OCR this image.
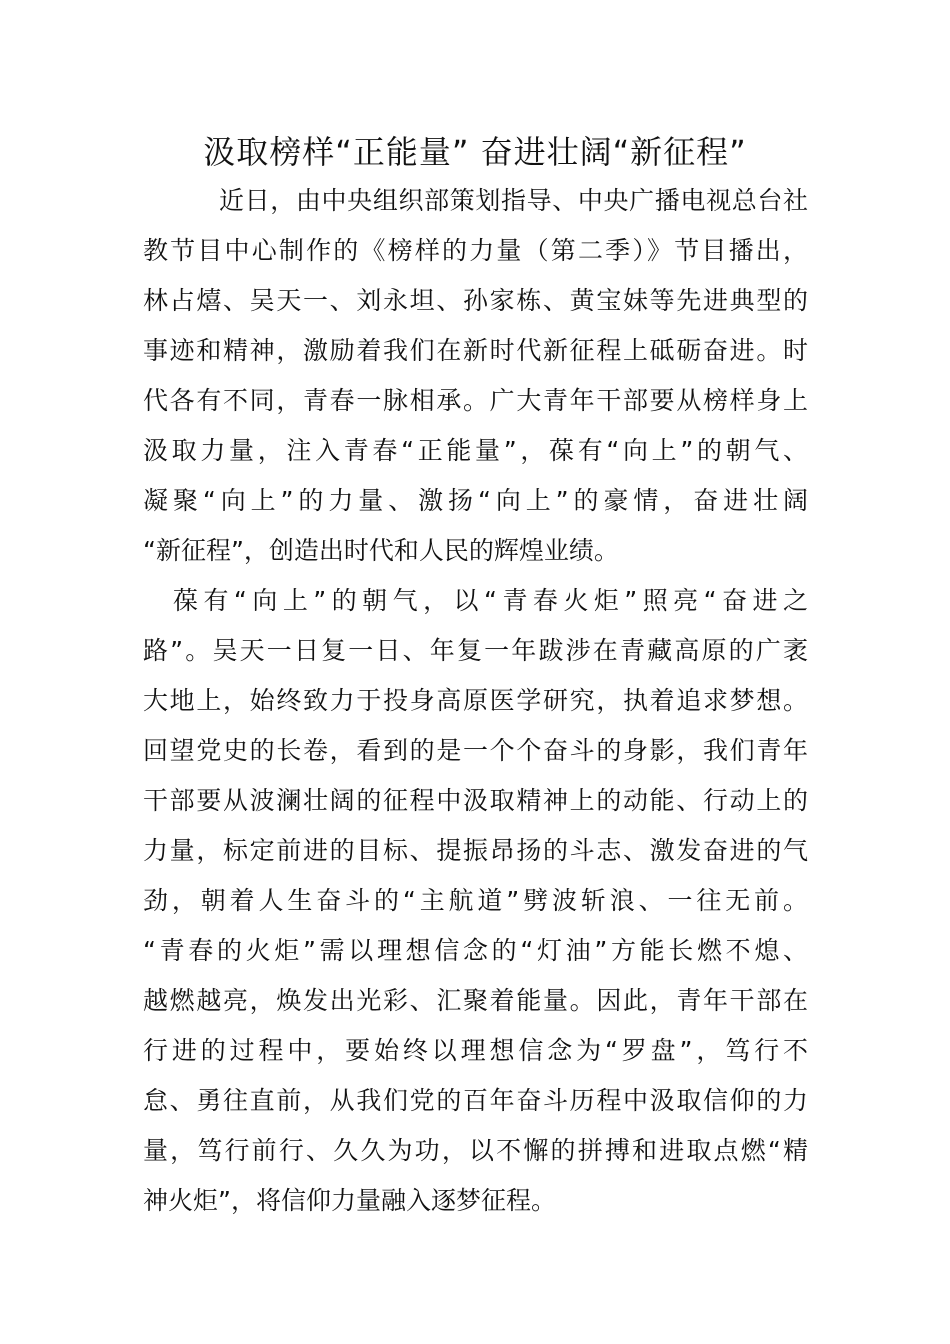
汲取榜样“正能量” 奋进壮阔“新征程”
近日，由中央组织部策划指导、中央广播电视总台社
教节目中心制作的《榜样的力量（第二季）》节目播出，
林占熺、吴天一、刘永坦、孙家栋、黄宝妹等先进典型的
事迹和精神，激励着我们在新时代新征程上砥砺奋进。时
代各有不同，青春一脉相承。广大青年干部要从榜样身上
汲取力量，注入青春“正能量”，葆有“向上”的朝气、
凝聚“向上”的力量、激扬“向上”的豪情，奋进壮阔
“新征程”，创造出时代和人民的辉煌业绩。
葆有“向上”的朝气，以“青春火炬”照亮“奋进之
路”。吴天一日复一日、年复一年跋涉在青藏高原的广袤
大地上，始终致力于投身高原医学研究，执着追求梦想。
回望党史的长卷，看到的是一个个奋斗的身影，我们青年
干部要从波澜壮阔的征程中汲取精神上的动能、行动上的
力量，标定前进的目标、提振昂扬的斗志、激发奋进的气
劲，朝着人生奋斗的“主航道”劈波斩浪、一往无前。
“青春的火炬”需以理想信念的“灯油”方能长燃不熄、
越燃越亮，焕发出光彩、汇聚着能量。因此，青年干部在
行进的过程中，要始终以理想信念为“罗盘”，笃行不
怠、勇往直前，从我们党的百年奋斗历程中汲取信仰的力
量，笃行前行、久久为功，以不懈的拼搏和进取点燃“精
神火炬”，将信仰力量融入逐梦征程。
